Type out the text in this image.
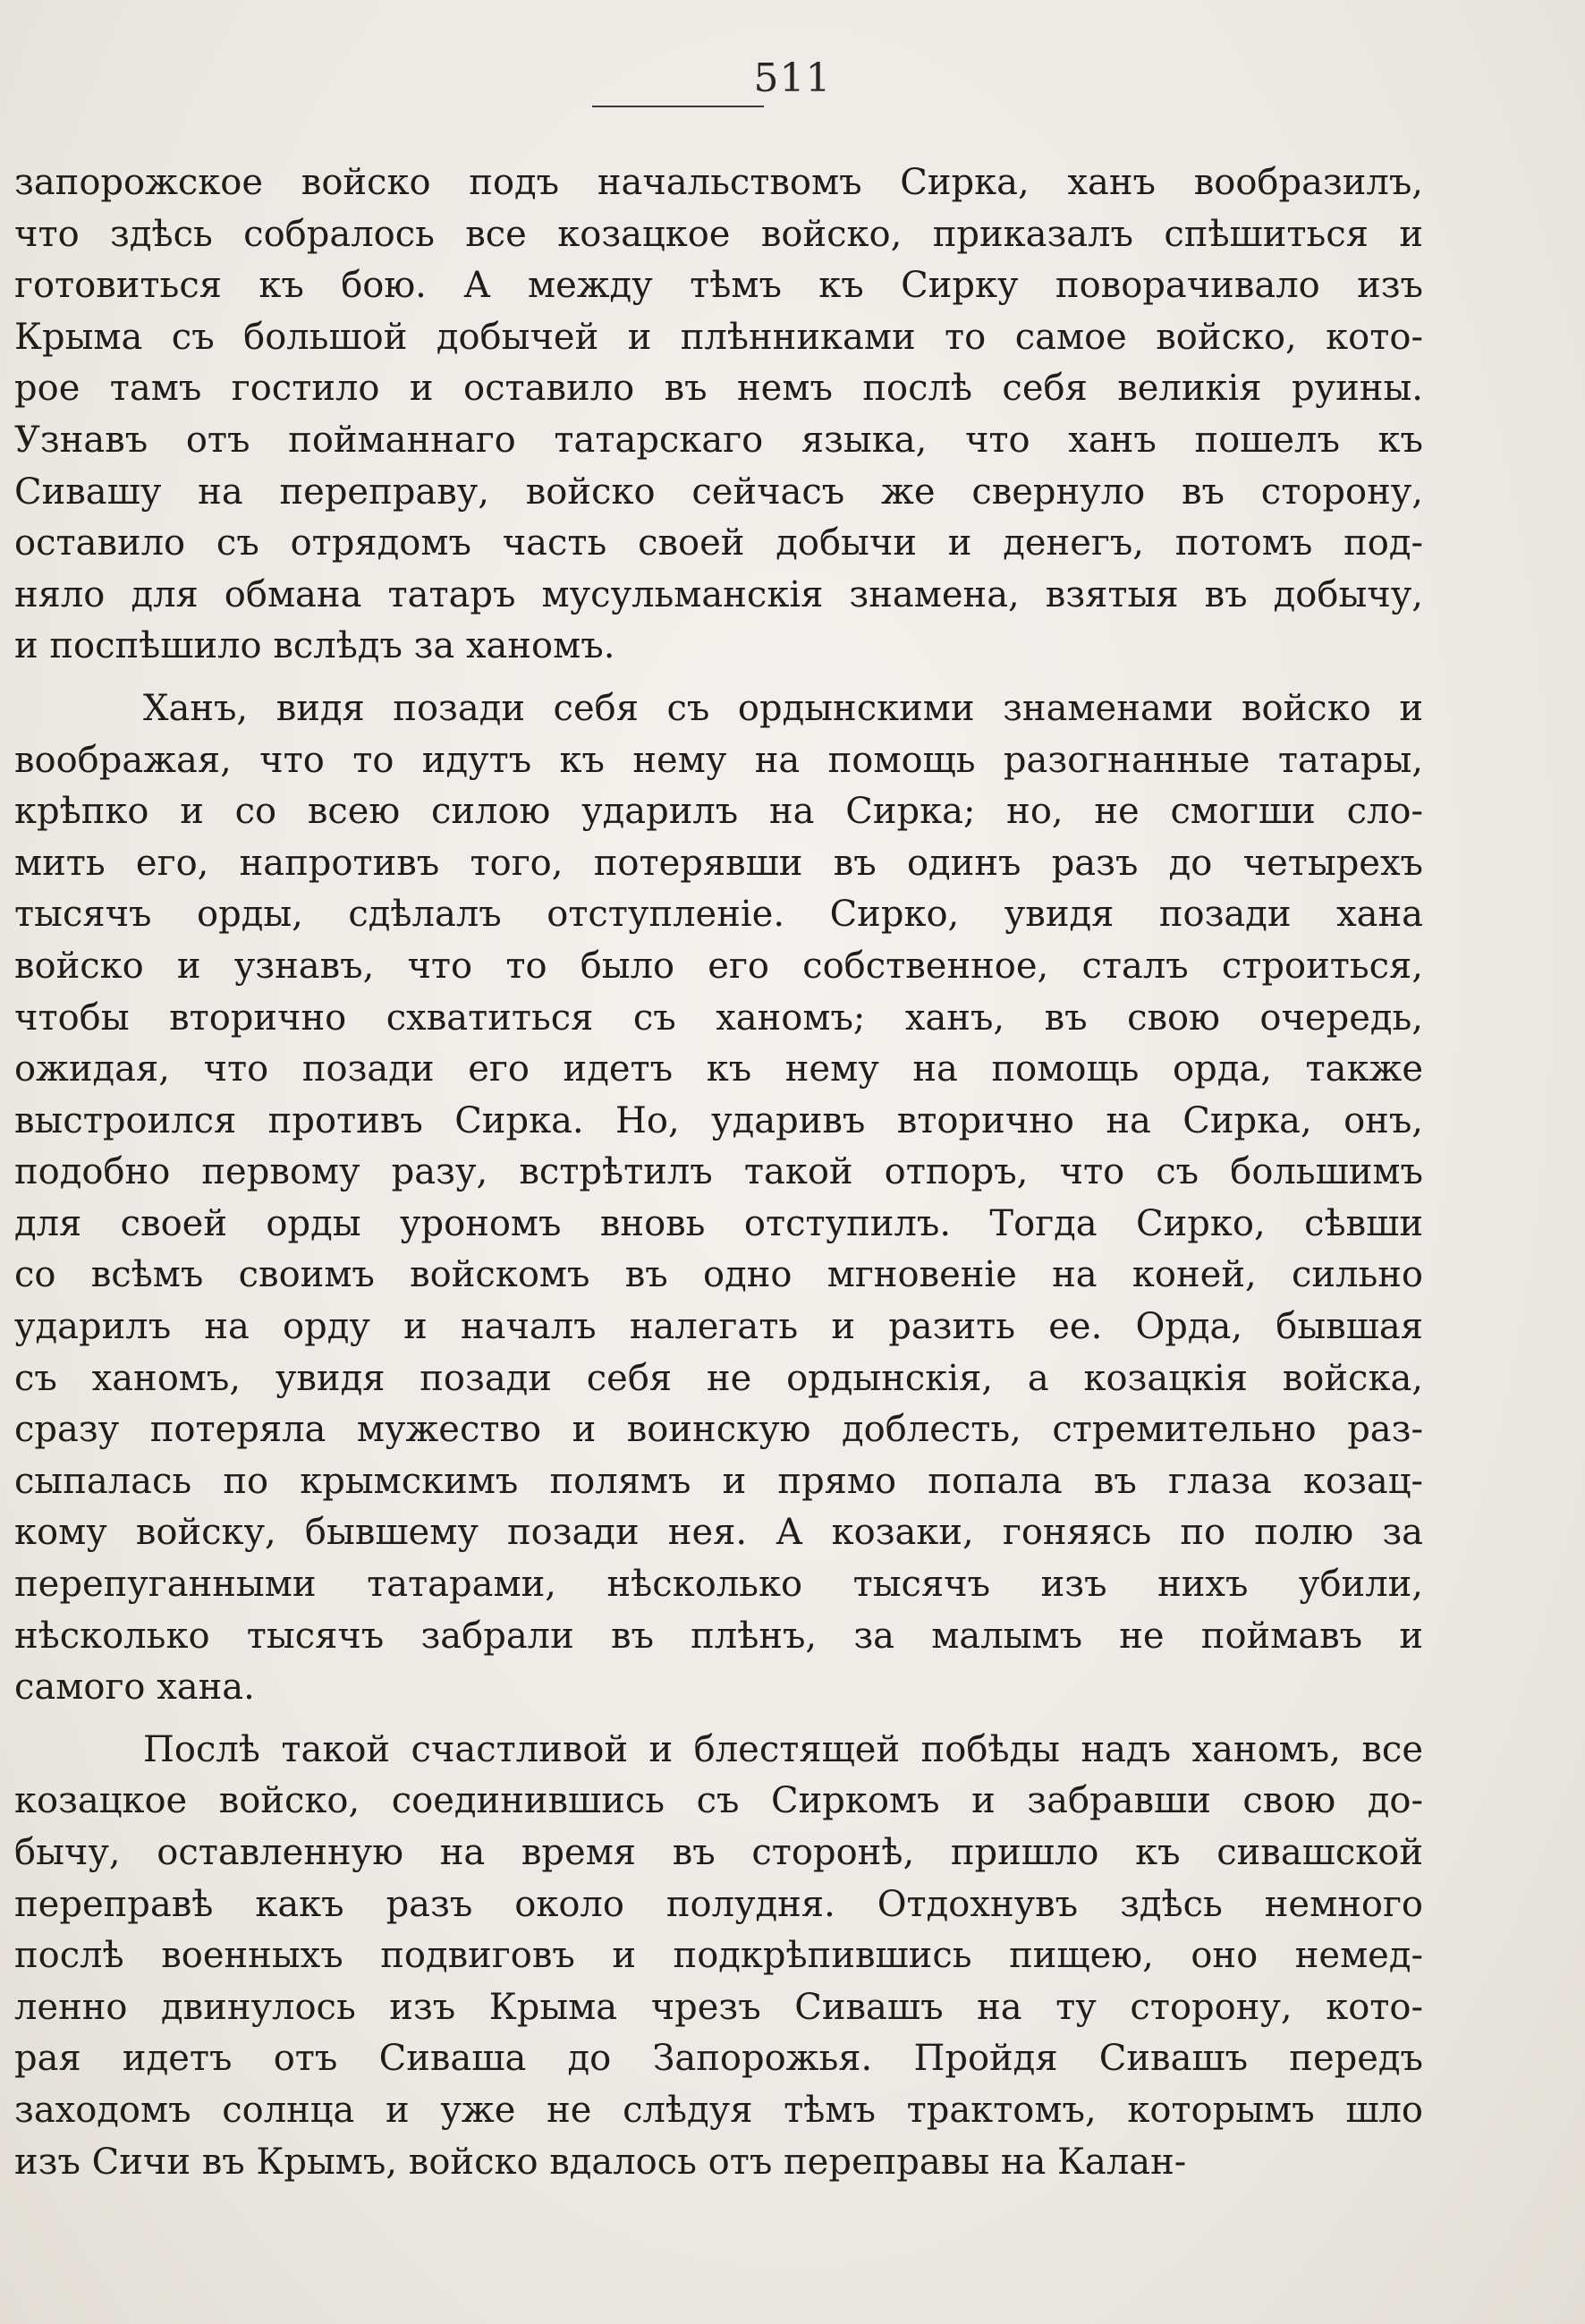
511
запорожское войско подъ начальствомъ Сирка, ханъ вообразилъ,
что здѣсь собралось все козацкое войско, приказалъ спѣшиться и
готовиться къ бою. А между тѣмъ къ Сирку поворачивало изъ
Крыма съ большой добычей и плѣнниками то самое войско, кото-
рое тамъ гостило и оставило въ немъ послѣ себя великія руины.
Узнавъ отъ пойманнаго татарскаго языка, что ханъ пошелъ къ
Сивашу на переправу, войско сейчасъ же свернуло въ сторону,
оставило съ отрядомъ часть своей добычи и денегъ, потомъ под-
няло для обмана татаръ мусульманскія знамена, взятыя въ добычу,
и поспѣшило вслѣдъ за ханомъ.
Ханъ, видя позади себя съ ордынскими знаменами войско и
воображая, что то идутъ къ нему на помощь разогнанные татары,
крѣпко и со всею силою ударилъ на Сирка; но, не смогши сло-
мить его, напротивъ того, потерявши въ одинъ разъ до четырехъ
тысячъ орды, сдѣлалъ отступленіе. Сирко, увидя позади хана
войско и узнавъ, что то было его собственное, сталъ строиться,
чтобы вторично схватиться съ ханомъ; ханъ, въ свою очередь,
ожидая, что позади его идетъ къ нему на помощь орда, также
выстроился противъ Сирка. Но, ударивъ вторично на Сирка, онъ,
подобно первому разу, встрѣтилъ такой отпоръ, что съ большимъ
для своей орды урономъ вновь отступилъ. Тогда Сирко, сѣвши
со всѣмъ своимъ войскомъ въ одно мгновеніе на коней, сильно
ударилъ на орду и началъ налегать и разить ее. Орда, бывшая
съ ханомъ, увидя позади себя не ордынскія, а козацкія войска,
сразу потеряла мужество и воинскую доблесть, стремительно раз-
сыпалась по крымскимъ полямъ и прямо попала въ глаза козац-
кому войску, бывшему позади нея. А козаки, гоняясь по полю за
перепуганными татарами, нѣсколько тысячъ изъ нихъ убили,
нѣсколько тысячъ забрали въ плѣнъ, за малымъ не поймавъ и
самого хана.
Послѣ такой счастливой и блестящей побѣды надъ ханомъ, все
козацкое войско, соединившись съ Сиркомъ и забравши свою до-
бычу, оставленную на время въ сторонѣ, пришло къ сивашской
переправѣ какъ разъ около полудня. Отдохнувъ здѣсь немного
послѣ военныхъ подвиговъ и подкрѣпившись пищею, оно немед-
ленно двинулось изъ Крыма чрезъ Сивашъ на ту сторону, кото-
рая идетъ отъ Сиваша до Запорожья. Пройдя Сивашъ передъ
заходомъ солнца и уже не слѣдуя тѣмъ трактомъ, которымъ шло
изъ Сичи въ Крымъ, войско вдалось отъ переправы на Калан-
